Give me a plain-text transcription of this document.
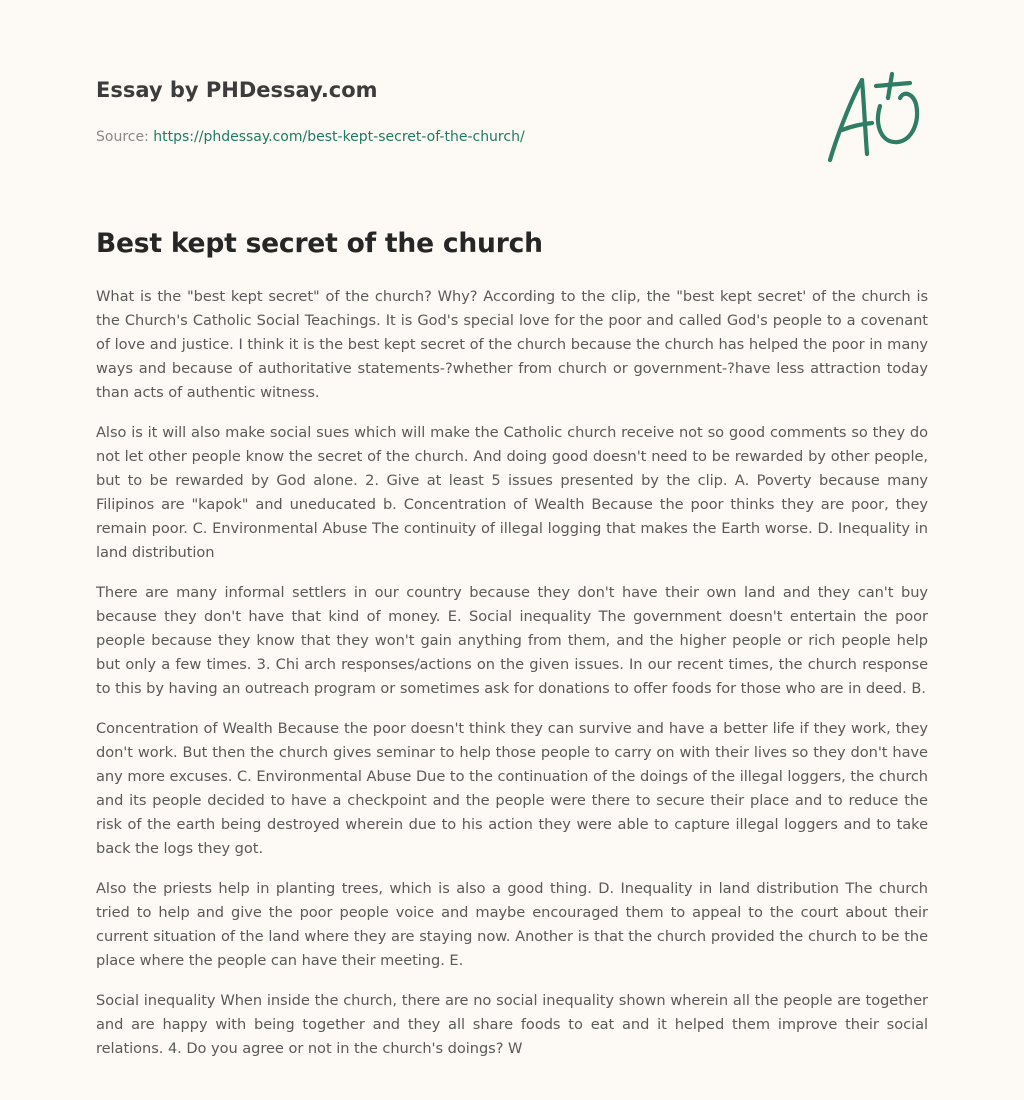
Essay by PHDessay.com
Source: https://phdessay.com/best-kept-secret-of-the-church/
Best kept secret of the church

What is the "best kept secret" of the church? Why? According to the clip, the "best kept secret' of the church is the Church's Catholic Social Teachings. It is God's special love for the poor and called God's people to a covenant of love and justice. I think it is the best kept secret of the church because the church has helped the poor in many ways and because of authoritative statements-?whether from church or government-?have less attraction today than acts of authentic witness.

Also is it will also make social sues which will make the Catholic church receive not so good comments so they do not let other people know the secret of the church. And doing good doesn't need to be rewarded by other people, but to be rewarded by God alone. 2. Give at least 5 issues presented by the clip. A. Poverty because many Filipinos are "kapok" and uneducated b. Concentration of Wealth Because the poor thinks they are poor, they remain poor. C. Environmental Abuse The continuity of illegal logging that makes the Earth worse. D. Inequality in land distribution

There are many informal settlers in our country because they don't have their own land and they can't buy because they don't have that kind of money. E. Social inequality The government doesn't entertain the poor people because they know that they won't gain anything from them, and the higher people or rich people help but only a few times. 3. Chi arch responses/actions on the given issues. In our recent times, the church response to this by having an outreach program or sometimes ask for donations to offer foods for those who are in deed. B.

Concentration of Wealth Because the poor doesn't think they can survive and have a better life if they work, they don't work. But then the church gives seminar to help those people to carry on with their lives so they don't have any more excuses. C. Environmental Abuse Due to the continuation of the doings of the illegal loggers, the church and its people decided to have a checkpoint and the people were there to secure their place and to reduce the risk of the earth being destroyed wherein due to his action they were able to capture illegal loggers and to take back the logs they got.

Also the priests help in planting trees, which is also a good thing. D. Inequality in land distribution The church tried to help and give the poor people voice and maybe encouraged them to appeal to the court about their current situation of the land where they are staying now. Another is that the church provided the church to be the place where the people can have their meeting. E.

Social inequality When inside the church, there are no social inequality shown wherein all the people are together and are happy with being together and they all share foods to eat and it helped them improve their social relations. 4. Do you agree or not in the church's doings? W
